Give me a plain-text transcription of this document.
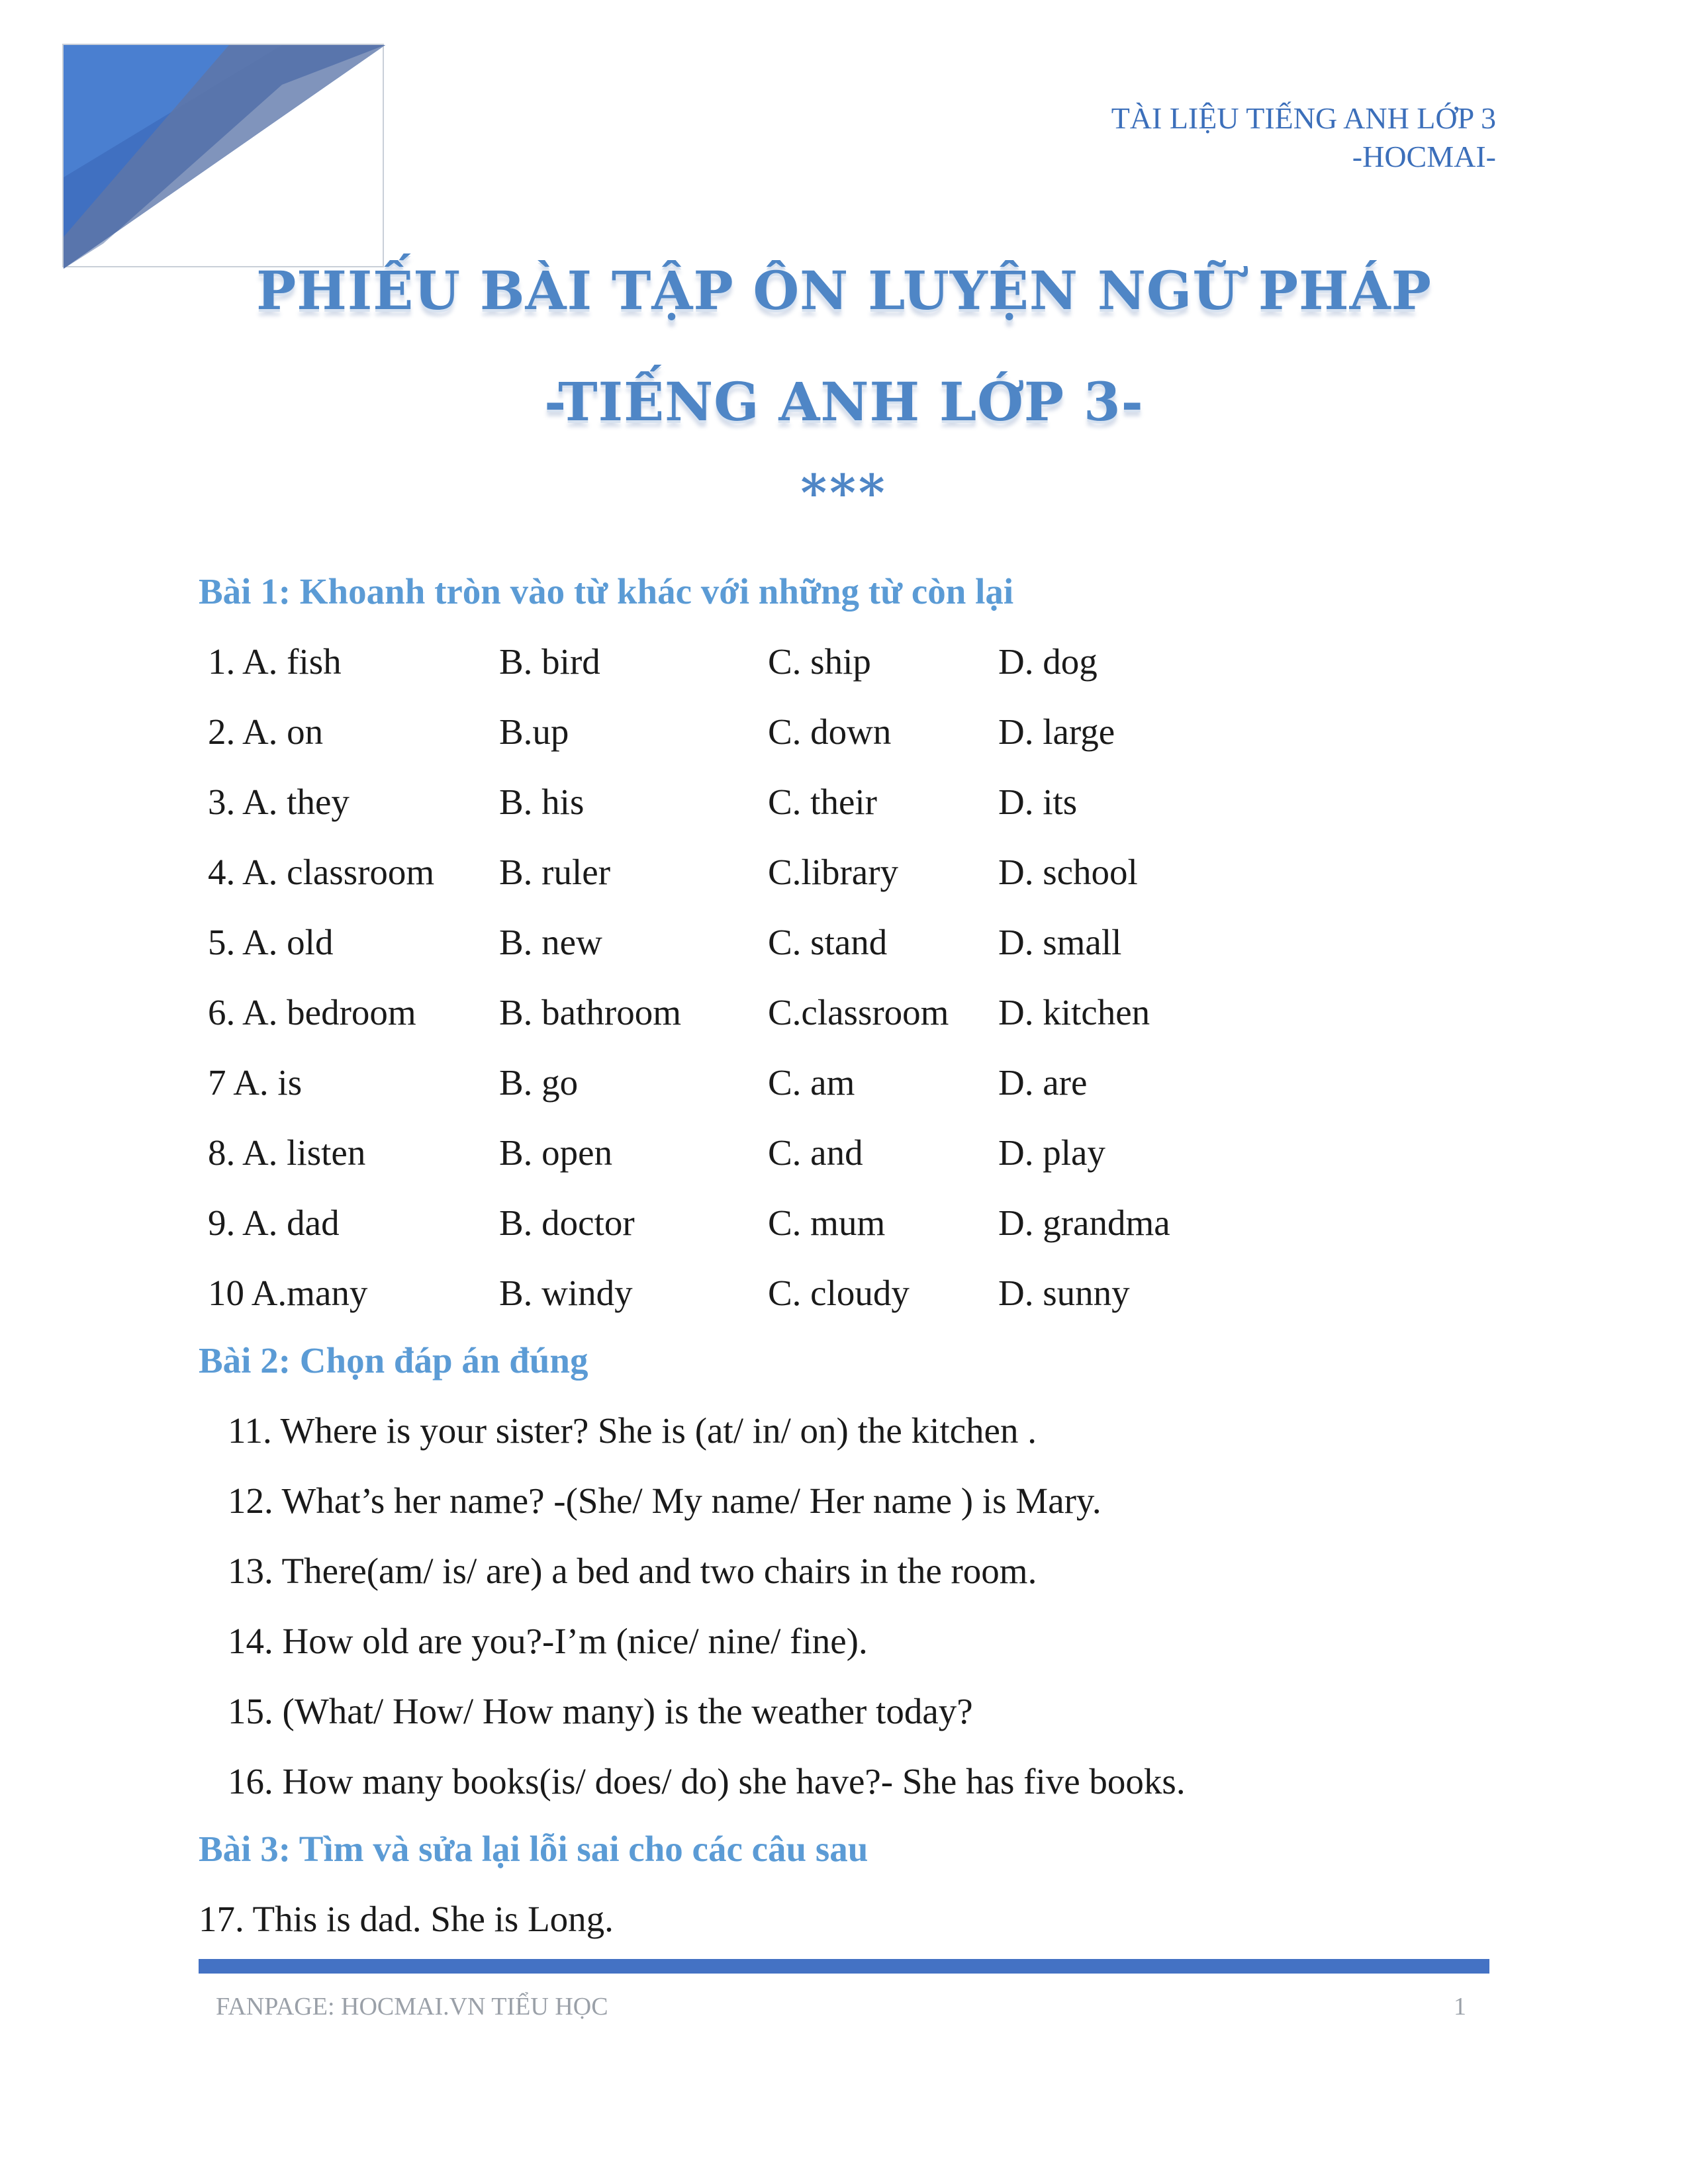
TÀI LIỆU TIẾNG ANH LỚP 3
-HOCMAI-
PHIẾU BÀI TẬP ÔN LUYỆN NGỮ PHÁP
-TIẾNG ANH LỚP 3-
***
Bài 1: Khoanh tròn vào từ khác với những từ còn lại
1. A. fish	B. bird	C. ship	D. dog
2. A. on	B.up	C. down	D. large
3. A. they	B. his	C. their	D. its
4. A. classroom B. ruler	C.library	D. school
5. A. old	B. new	C. stand	D. small
6. A. bedroom B. bathroom C.classroom D. kitchen
7 A. is	B. go	C. am	D. are
8. A. listen	B. open	C. and	D. play
9. A. dad	B. doctor	C. mum	D. grandma
10 A.many	B. windy	C. cloudy D. sunny
Bài 2: Chọn đáp án đúng
11. Where is your sister? She is (at/ in/ on) the kitchen .
12. What’s her name? -(She/ My name/ Her name ) is Mary.
13. There(am/ is/ are) a bed and two chairs in the room.
14. How old are you?-I’m (nice/ nine/ fine).
15. (What/ How/ How many) is the weather today?
16. How many books(is/ does/ do) she have?- She has five books.
Bài 3: Tìm và sửa lại lỗi sai cho các câu sau
17. This is dad. She is Long.
FANPAGE: HOCMAI.VN TIỂU HỌC	1
